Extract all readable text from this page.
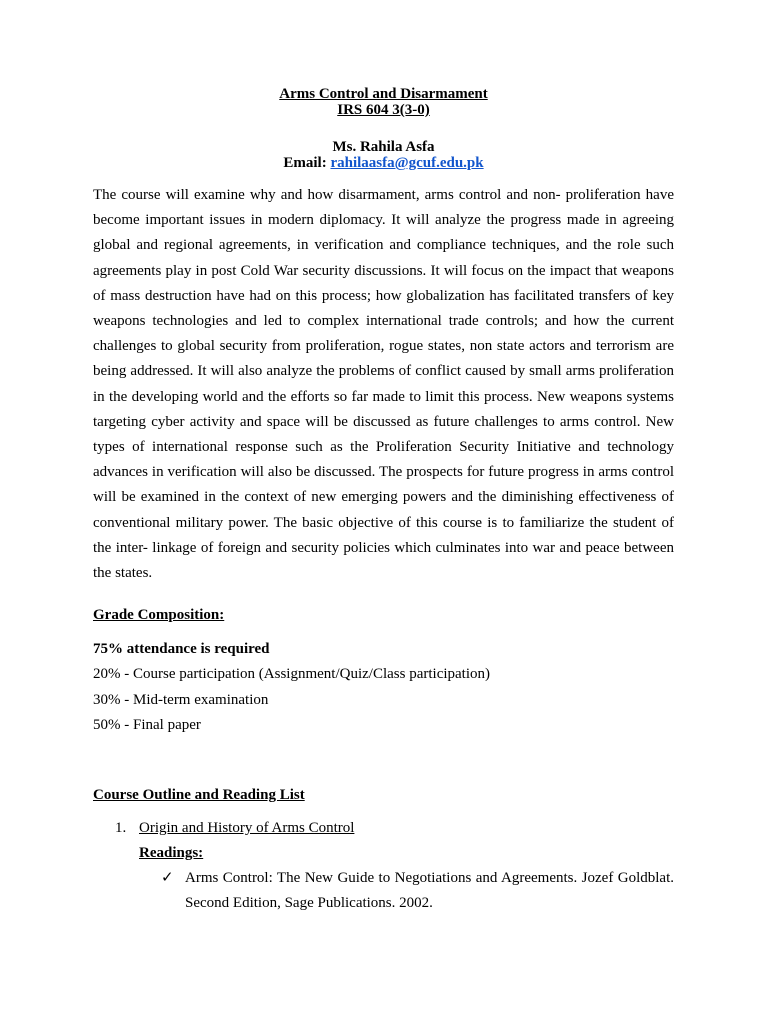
Arms Control and Disarmament
IRS 604 3(3-0)
Ms. Rahila Asfa
Email: rahilaasfa@gcuf.edu.pk
The course will examine why and how disarmament, arms control and non- proliferation have become important issues in modern diplomacy. It will analyze the progress made in agreeing global and regional agreements, in verification and compliance techniques, and the role such agreements play in post Cold War security discussions. It will focus on the impact that weapons of mass destruction have had on this process; how globalization has facilitated transfers of key weapons technologies and led to complex international trade controls; and how the current challenges to global security from proliferation, rogue states, non state actors and terrorism are being addressed. It will also analyze the problems of conflict caused by small arms proliferation in the developing world and the efforts so far made to limit this process. New weapons systems targeting cyber activity and space will be discussed as future challenges to arms control. New types of international response such as the Proliferation Security Initiative and technology advances in verification will also be discussed. The prospects for future progress in arms control will be examined in the context of new emerging powers and the diminishing effectiveness of conventional military power. The basic objective of this course is to familiarize the student of the inter- linkage of foreign and security policies which culminates into war and peace between the states.
Grade Composition:
75% attendance is required
20% - Course participation (Assignment/Quiz/Class participation)
30% - Mid-term examination
50% - Final paper
Course Outline and Reading List
1. Origin and History of Arms Control
Readings:
✓ Arms Control: The New Guide to Negotiations and Agreements. Jozef Goldblat. Second Edition, Sage Publications. 2002.
